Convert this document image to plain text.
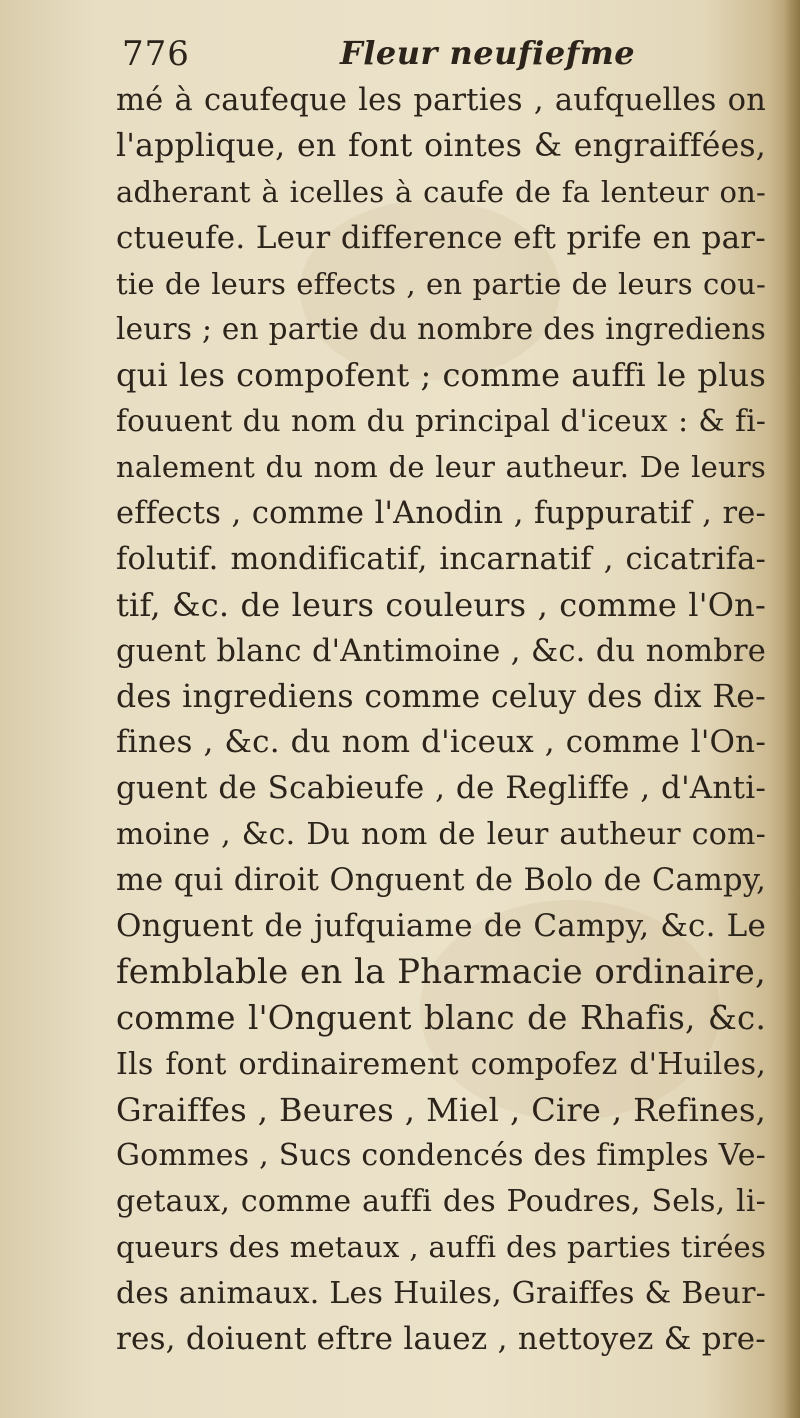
776	Fleur neufiefme
mé à caufeque les parties , aufquelles on
l'applique, en font ointes & engraiffées,
adherant à icelles à caufe de fa lenteur on-
ctueufe. Leur difference eft prife en par-
tie de leurs effects , en partie de leurs cou-
leurs ; en partie du nombre des ingrediens
qui les compofent ; comme auffi le plus
fouuent du nom du principal d'iceux : & fi-
nalement du nom de leur autheur. De leurs
effects , comme l'Anodin , fuppuratif , re-
folutif. mondificatif, incarnatif , cicatrifa-
tif, &c. de leurs couleurs , comme l'On-
guent blanc d'Antimoine , &c. du nombre
des ingrediens comme celuy des dix Re-
fines , &c. du nom d'iceux , comme l'On-
guent de Scabieufe , de Regliffe , d'Anti-
moine , &c. Du nom de leur autheur com-
me qui diroit Onguent de Bolo de Campy,
Onguent de jufquiame de Campy, &c. Le
femblable en la Pharmacie ordinaire,
comme l'Onguent blanc de Rhafis, &c.
Ils font ordinairement compofez d'Huiles,
Graiffes , Beures , Miel , Cire , Refines,
Gommes , Sucs condencés des fimples Ve-
getaux, comme auffi des Poudres, Sels, li-
queurs des metaux , auffi des parties tirées
des animaux. Les Huiles, Graiffes & Beur-
res, doiuent eftre lauez , nettoyez & pre-
